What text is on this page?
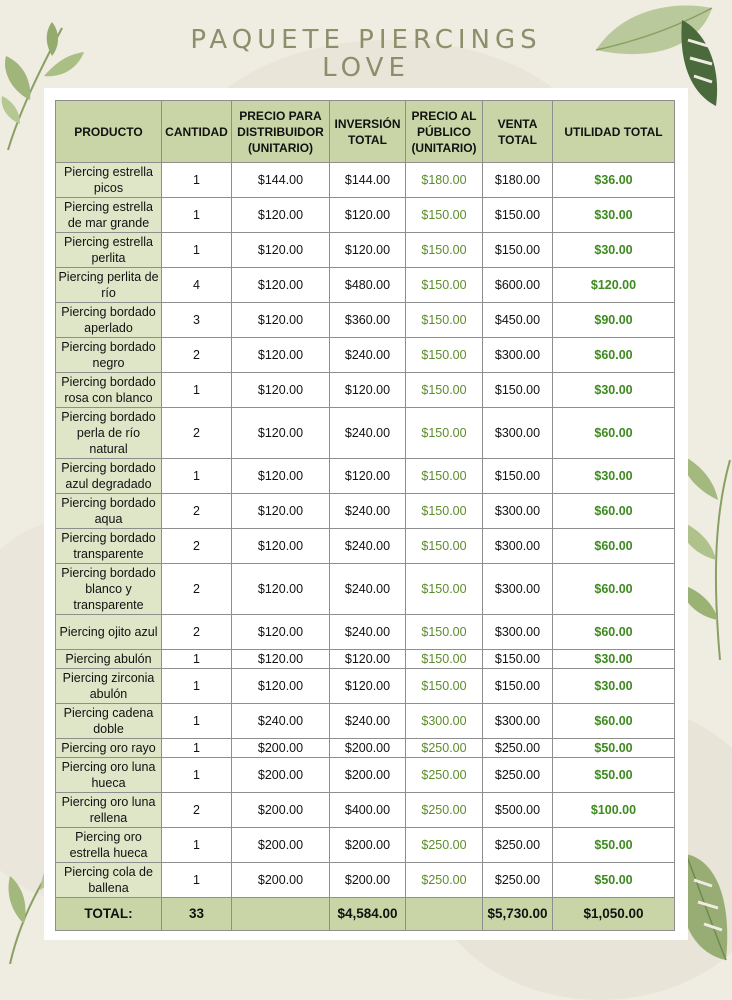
PAQUETE PIERCINGS
LOVE
PRODUCTO	CANTIDAD	PRECIO PARA DISTRIBUIDOR (UNITARIO)	INVERSIÓN TOTAL	PRECIO AL PÚBLICO (UNITARIO)	VENTA TOTAL	UTILIDAD TOTAL
Piercing estrella picos	1	$144.00	$144.00	$180.00	$180.00	$36.00
Piercing estrella de mar grande	1	$120.00	$120.00	$150.00	$150.00	$30.00
Piercing estrella perlita	1	$120.00	$120.00	$150.00	$150.00	$30.00
Piercing perlita de río	4	$120.00	$480.00	$150.00	$600.00	$120.00
Piercing bordado aperlado	3	$120.00	$360.00	$150.00	$450.00	$90.00
Piercing bordado negro	2	$120.00	$240.00	$150.00	$300.00	$60.00
Piercing bordado rosa con blanco	1	$120.00	$120.00	$150.00	$150.00	$30.00
Piercing bordado perla de río natural	2	$120.00	$240.00	$150.00	$300.00	$60.00
Piercing bordado azul degradado	1	$120.00	$120.00	$150.00	$150.00	$30.00
Piercing bordado aqua	2	$120.00	$240.00	$150.00	$300.00	$60.00
Piercing bordado transparente	2	$120.00	$240.00	$150.00	$300.00	$60.00
Piercing bordado blanco y transparente	2	$120.00	$240.00	$150.00	$300.00	$60.00
Piercing ojito azul	2	$120.00	$240.00	$150.00	$300.00	$60.00
Piercing abulón	1	$120.00	$120.00	$150.00	$150.00	$30.00
Piercing zirconia abulón	1	$120.00	$120.00	$150.00	$150.00	$30.00
Piercing cadena doble	1	$240.00	$240.00	$300.00	$300.00	$60.00
Piercing oro rayo	1	$200.00	$200.00	$250.00	$250.00	$50.00
Piercing oro luna hueca	1	$200.00	$200.00	$250.00	$250.00	$50.00
Piercing oro luna rellena	2	$200.00	$400.00	$250.00	$500.00	$100.00
Piercing oro estrella hueca	1	$200.00	$200.00	$250.00	$250.00	$50.00
Piercing cola de ballena	1	$200.00	$200.00	$250.00	$250.00	$50.00
TOTAL:	33		$4,584.00		$5,730.00	$1,050.00
